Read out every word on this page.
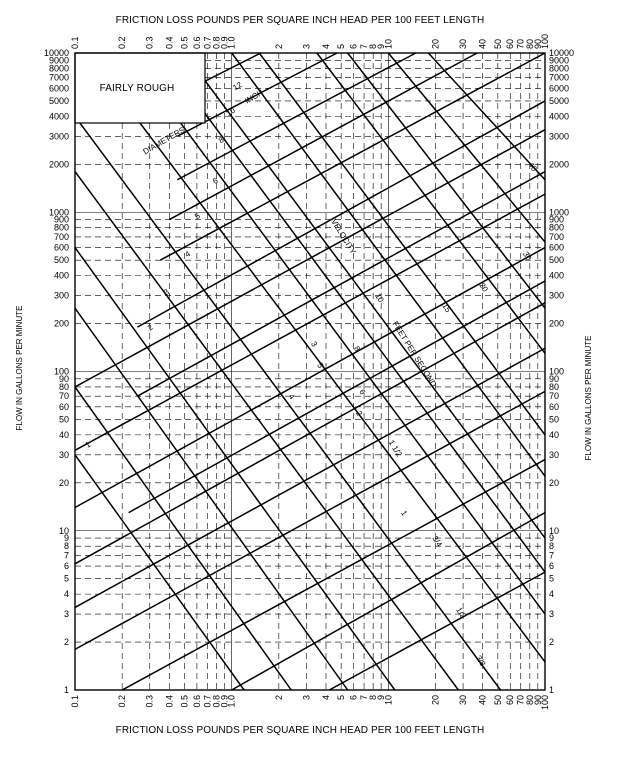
FRICTION LOSS POUNDS PER SQUARE INCH HEAD PER 100 FEET LENGTH
FRICTION LOSS POUNDS PER SQUARE INCH HEAD PER 100 FEET LENGTH
FLOW IN GALLONS PER MINUTE	FLOW IN GALLONS PER MINUTE
0.1
0.1
0.2
0.2
0.3
0.3
0.4
0.4
0.5
0.5
0.6
0.6
0.7
0.7
0.8
0.8
0.9
0.9
1.0
1.0
2
2
3
3
4
4
5
5
6
6
7
7
8
8
9
9
10
10
20
20
30
30
40
40
50
50
60
60
70
70
80
80
90
90
100
100
1	1
2	2
3	3
4	4
5	5
6	6
7	7
8	8
9	9
10	10
20	20
30	30
40	40
50	50
60	60
70	70
80	80
90	90
100	100
200	200
300	300
400	400
500	500
600	600
700	700
800	800
900	900
1000	1000
2000	2000
3000	3000
4000	4000
5000	5000
6000	6000
7000	7000
8000	8000
9000	9000
10000	10000
12
10
8
6
5
4
3
2
1
DIAMETERS
INCH
40
30
20
15
10
8
6
5
4
3
2
1 1/2
1
3/4
1/2
3/8
VELOCITY
FEET PER SECOND
FAIRLY ROUGH
